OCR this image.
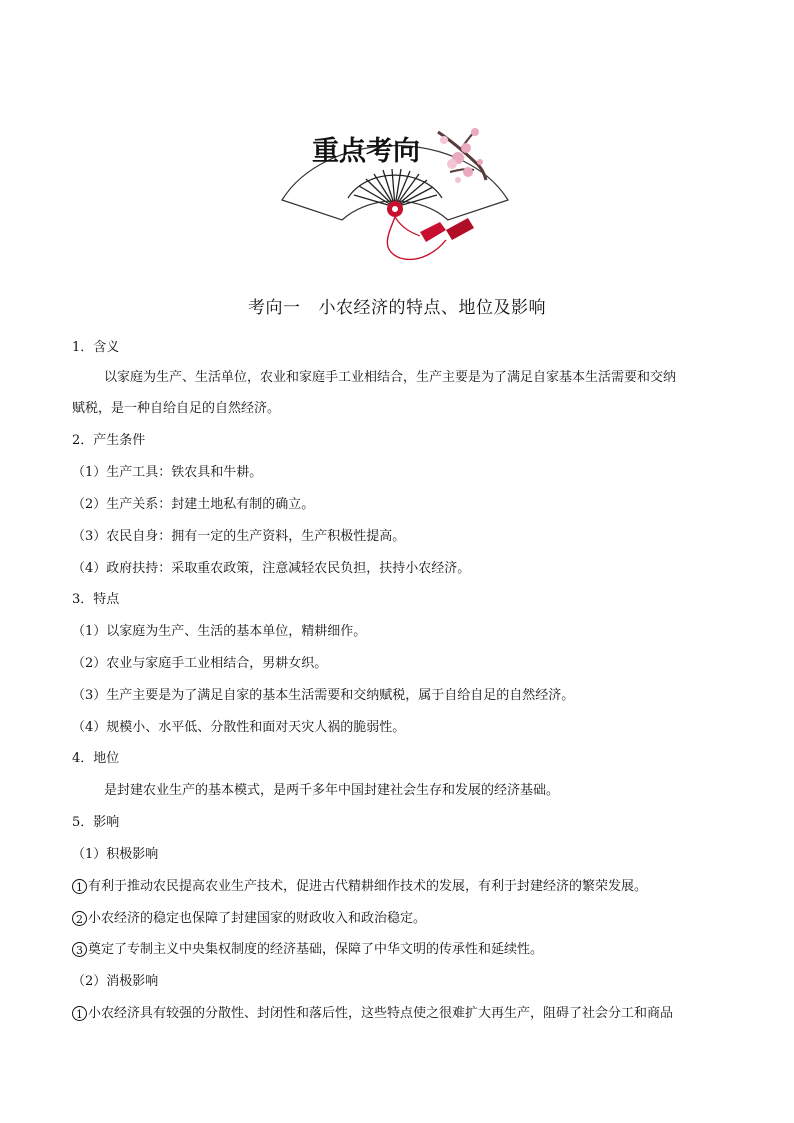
重点考向
考向一 小农经济的特点、地位及影响
1．含义
以家庭为生产、生活单位，农业和家庭手工业相结合，生产主要是为了满足自家基本生活需要和交纳
赋税，是一种自给自足的自然经济。
2．产生条件
（1）生产工具：铁农具和牛耕。
（2）生产关系：封建土地私有制的确立。
（3）农民自身：拥有一定的生产资料，生产积极性提高。
（4）政府扶持：采取重农政策，注意减轻农民负担，扶持小农经济。
3．特点
（1）以家庭为生产、生活的基本单位，精耕细作。
（2）农业与家庭手工业相结合，男耕女织。
（3）生产主要是为了满足自家的基本生活需要和交纳赋税，属于自给自足的自然经济。
（4）规模小、水平低、分散性和面对天灾人祸的脆弱性。
4．地位
是封建农业生产的基本模式，是两千多年中国封建社会生存和发展的经济基础。
5．影响
（1）积极影响
1 有利于推动农民提高农业生产技术，促进古代精耕细作技术的发展，有利于封建经济的繁荣发展。
2 小农经济的稳定也保障了封建国家的财政收入和政治稳定。
3 奠定了专制主义中央集权制度的经济基础，保障了中华文明的传承性和延续性。
（2）消极影响
1 小农经济具有较强的分散性、封闭性和落后性，这些特点使之很难扩大再生产，阻碍了社会分工和商品
